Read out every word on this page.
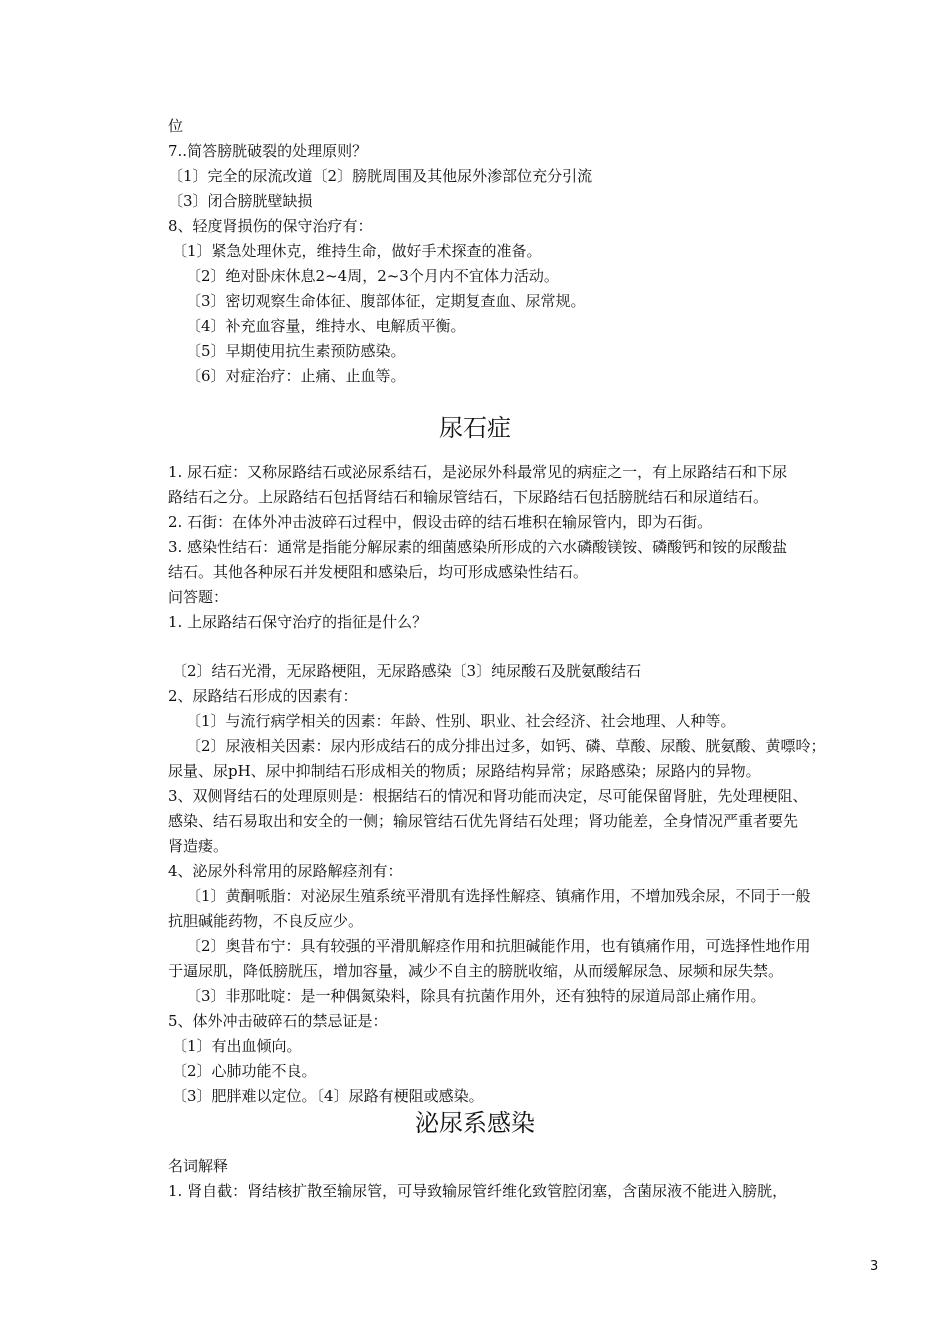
位
7..简答膀胱破裂的处理原则？
〔1〕完全的尿流改道〔2〕膀胱周围及其他尿外渗部位充分引流
〔3〕闭合膀胱壁缺损
8、轻度肾损伤的保守治疗有：
〔1〕紧急处理休克，维持生命，做好手术探查的准备。
〔2〕绝对卧床休息2~4周，2~3个月内不宜体力活动。
〔3〕密切观察生命体征、腹部体征，定期复查血、尿常规。
〔4〕补充血容量，维持水、电解质平衡。
〔5〕早期使用抗生素预防感染。
〔6〕对症治疗：止痛、止血等。
尿石症
1. 尿石症：又称尿路结石或泌尿系结石，是泌尿外科最常见的病症之一，有上尿路结石和下尿
路结石之分。上尿路结石包括肾结石和输尿管结石，下尿路结石包括膀胱结石和尿道结石。
2. 石街：在体外冲击波碎石过程中，假设击碎的结石堆积在输尿管内，即为石街。
3. 感染性结石：通常是指能分解尿素的细菌感染所形成的六水磷酸镁铵、磷酸钙和铵的尿酸盐
结石。其他各种尿石并发梗阻和感染后，均可形成感染性结石。
问答题：
1. 上尿路结石保守治疗的指征是什么？
〔2〕结石光滑，无尿路梗阻，无尿路感染〔3〕纯尿酸石及胱氨酸结石
2、尿路结石形成的因素有：
〔1〕与流行病学相关的因素：年龄、性别、职业、社会经济、社会地理、人种等。
〔2〕尿液相关因素：尿内形成结石的成分排出过多，如钙、磷、草酸、尿酸、胱氨酸、黄嘌呤；
尿量、尿pH、尿中抑制结石形成相关的物质；尿路结构异常；尿路感染；尿路内的异物。
3、双侧肾结石的处理原则是：根据结石的情况和肾功能而决定，尽可能保留肾脏，先处理梗阻、
感染、结石易取出和安全的一侧；输尿管结石优先肾结石处理；肾功能差，全身情况严重者要先
肾造瘘。
4、泌尿外科常用的尿路解痉剂有：
〔1〕黄酮哌脂：对泌尿生殖系统平滑肌有选择性解痉、镇痛作用，不增加残余尿，不同于一般
抗胆碱能药物，不良反应少。
〔2〕奥昔布宁：具有较强的平滑肌解痉作用和抗胆碱能作用，也有镇痛作用，可选择性地作用
于逼尿肌，降低膀胱压，增加容量，减少不自主的膀胱收缩，从而缓解尿急、尿频和尿失禁。
〔3〕非那吡啶：是一种偶氮染料，除具有抗菌作用外，还有独特的尿道局部止痛作用。
5、体外冲击破碎石的禁忌证是：
〔1〕有出血倾向。
〔2〕心肺功能不良。
〔3〕肥胖难以定位。〔4〕尿路有梗阻或感染。
泌尿系感染
名词解释
1. 肾自截：肾结核扩散至输尿管，可导致输尿管纤维化致管腔闭塞，含菌尿液不能进入膀胱，
3
